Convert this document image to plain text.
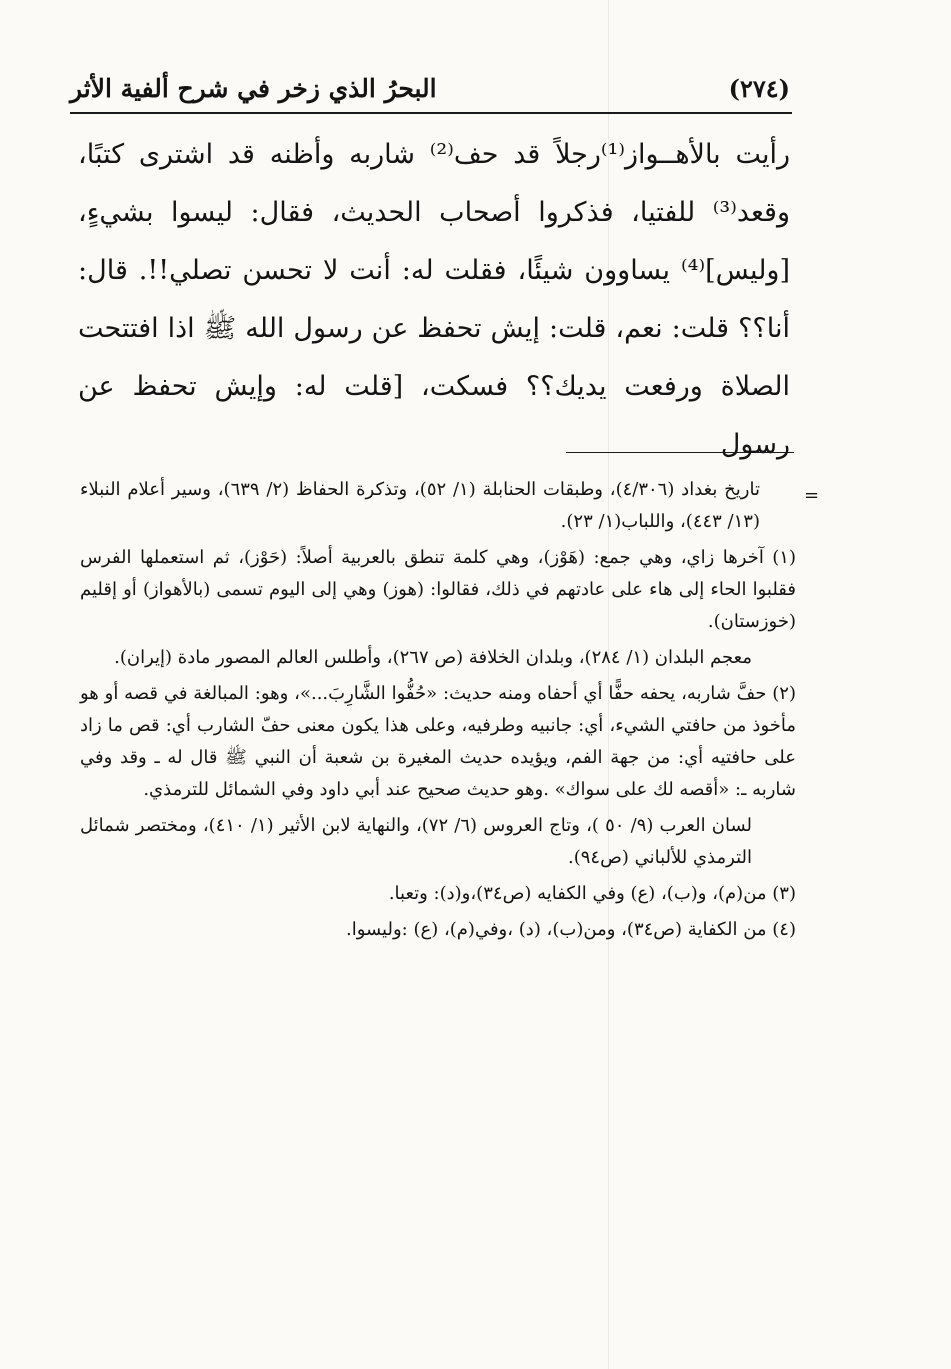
البحرُ الذي زخر في شرح ألفية الأثر	(٢٧٤)

رأيت بالأهــواز⁽¹⁾رجلاً قد حف⁽²⁾ شاربه وأظنه قد اشترى كتبًا، وقعد⁽³⁾ للفتيا، فذكروا أصحاب الحديث، فقال: ليسوا بشيءٍ، [وليس]⁽⁴⁾ يساوون شيئًا، فقلت له: أنت لا تحسن تصلي!!. قال: أنا؟؟ قلت: نعم، قلت: إيش تحفظ عن رسول الله ﷺ اذا افتتحت الصلاة ورفعت يديك؟؟ فسكت، [قلت له: وإيش تحفظ عن رسول

=

تاريخ بغداد (٤/٣٠٦)، وطبقات الحنابلة (١/ ٥٢)، وتذكرة الحفاظ (٢/ ٦٣٩)، وسير أعلام النبلاء (١٣/ ٤٤٣)، واللباب(١/ ٢٣).

(١) آخرها زاي، وهي جمع: (هَوْز)، وهي كلمة تنطق بالعربية أصلاً: (حَوْز)، ثم استعملها الفرس فقلبوا الحاء إلى هاء على عادتهم في ذلك، فقالوا: (هوز) وهي إلى اليوم تسمى (بالأهواز) أو إقليم (خوزستان).

معجم البلدان (١/ ٢٨٤)، وبلدان الخلافة (ص ٢٦٧)، وأطلس العالم المصور مادة (إيران).

(٢) حفَّ شاربه، يحفه حفًّا أي أحفاه ومنه حديث: «حُفُّوا الشَّارِبَ...»، وهو: المبالغة في قصه أو هو مأخوذ من حافتي الشيء، أي: جانبيه وطرفيه، وعلى هذا يكون معنى حفّ الشارب أي: قص ما زاد على حافتيه أي: من جهة الفم، ويؤيده حديث المغيرة بن شعبة أن النبي ﷺ قال له ـ وقد وفي شاربه ـ: «أقصه لك على سواك» .وهو حديث صحيح عند أبي داود وفي الشمائل للترمذي.

لسان العرب (٩/ ٥٠ )، وتاج العروس (٦/ ٧٢)، والنهاية لابن الأثير (١/ ٤١٠)، ومختصر شمائل الترمذي للألباني (ص٩٤).

(٣) من(م)، و(ب)، (ع) وفي الكفايه (ص٣٤)،و(د): وتعبا.

(٤) من الكفاية (ص٣٤)، ومن(ب)، (د) ،وفي(م)، (ع) :وليسوا.
